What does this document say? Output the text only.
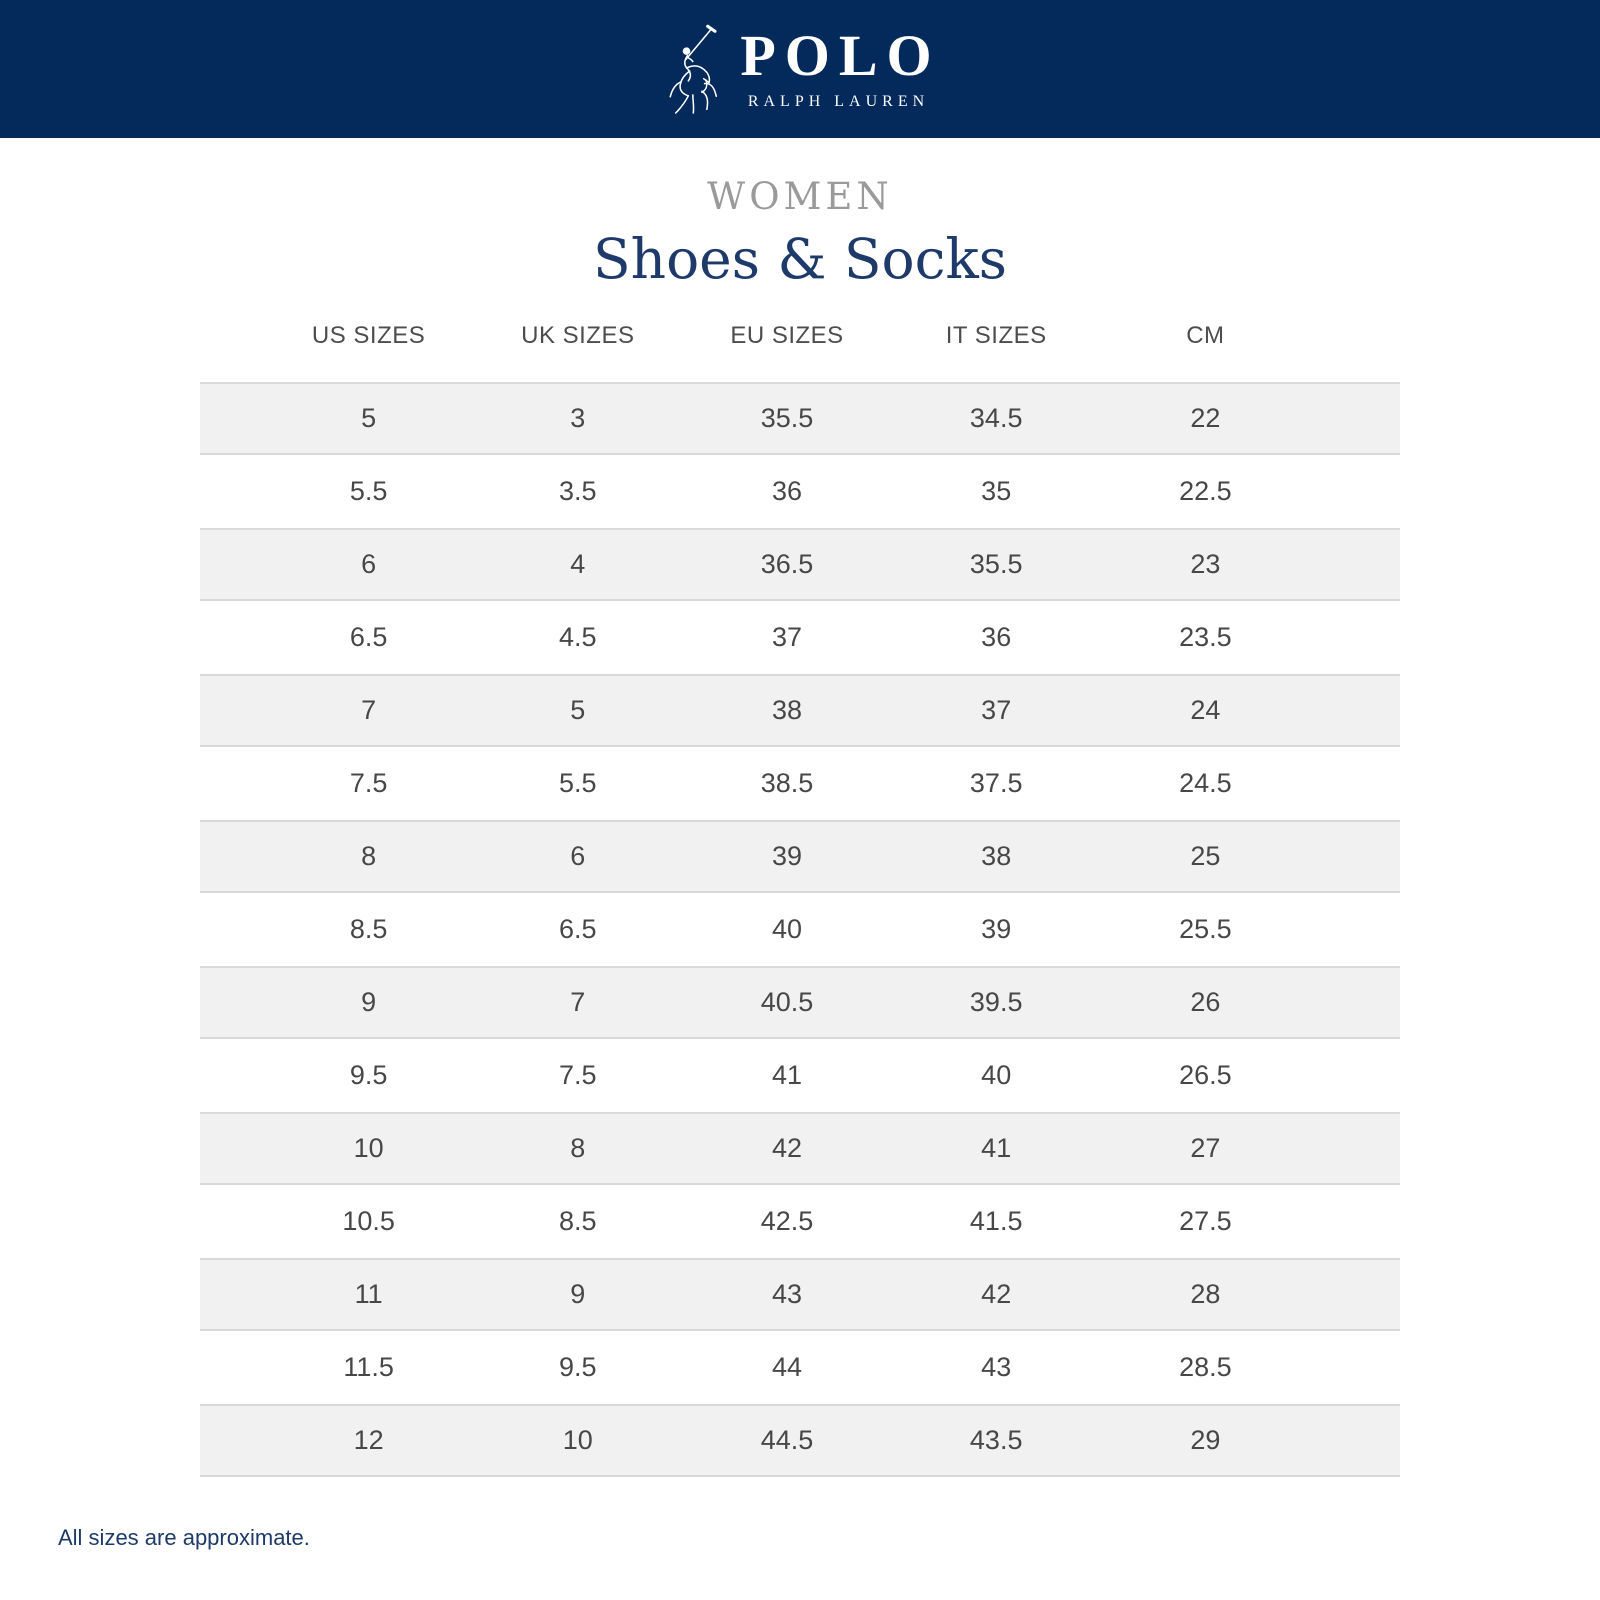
POLO
RALPH LAUREN
WOMEN
Shoes & Socks
US SIZES	UK SIZES	EU SIZES	IT SIZES	CM
5	3	35.5	34.5	22
5.5	3.5	36	35	22.5
6	4	36.5	35.5	23
6.5	4.5	37	36	23.5
7	5	38	37	24
7.5	5.5	38.5	37.5	24.5
8	6	39	38	25
8.5	6.5	40	39	25.5
9	7	40.5	39.5	26
9.5	7.5	41	40	26.5
10	8	42	41	27
10.5	8.5	42.5	41.5	27.5
11	9	43	42	28
11.5	9.5	44	43	28.5
12	10	44.5	43.5	29

All sizes are approximate.
